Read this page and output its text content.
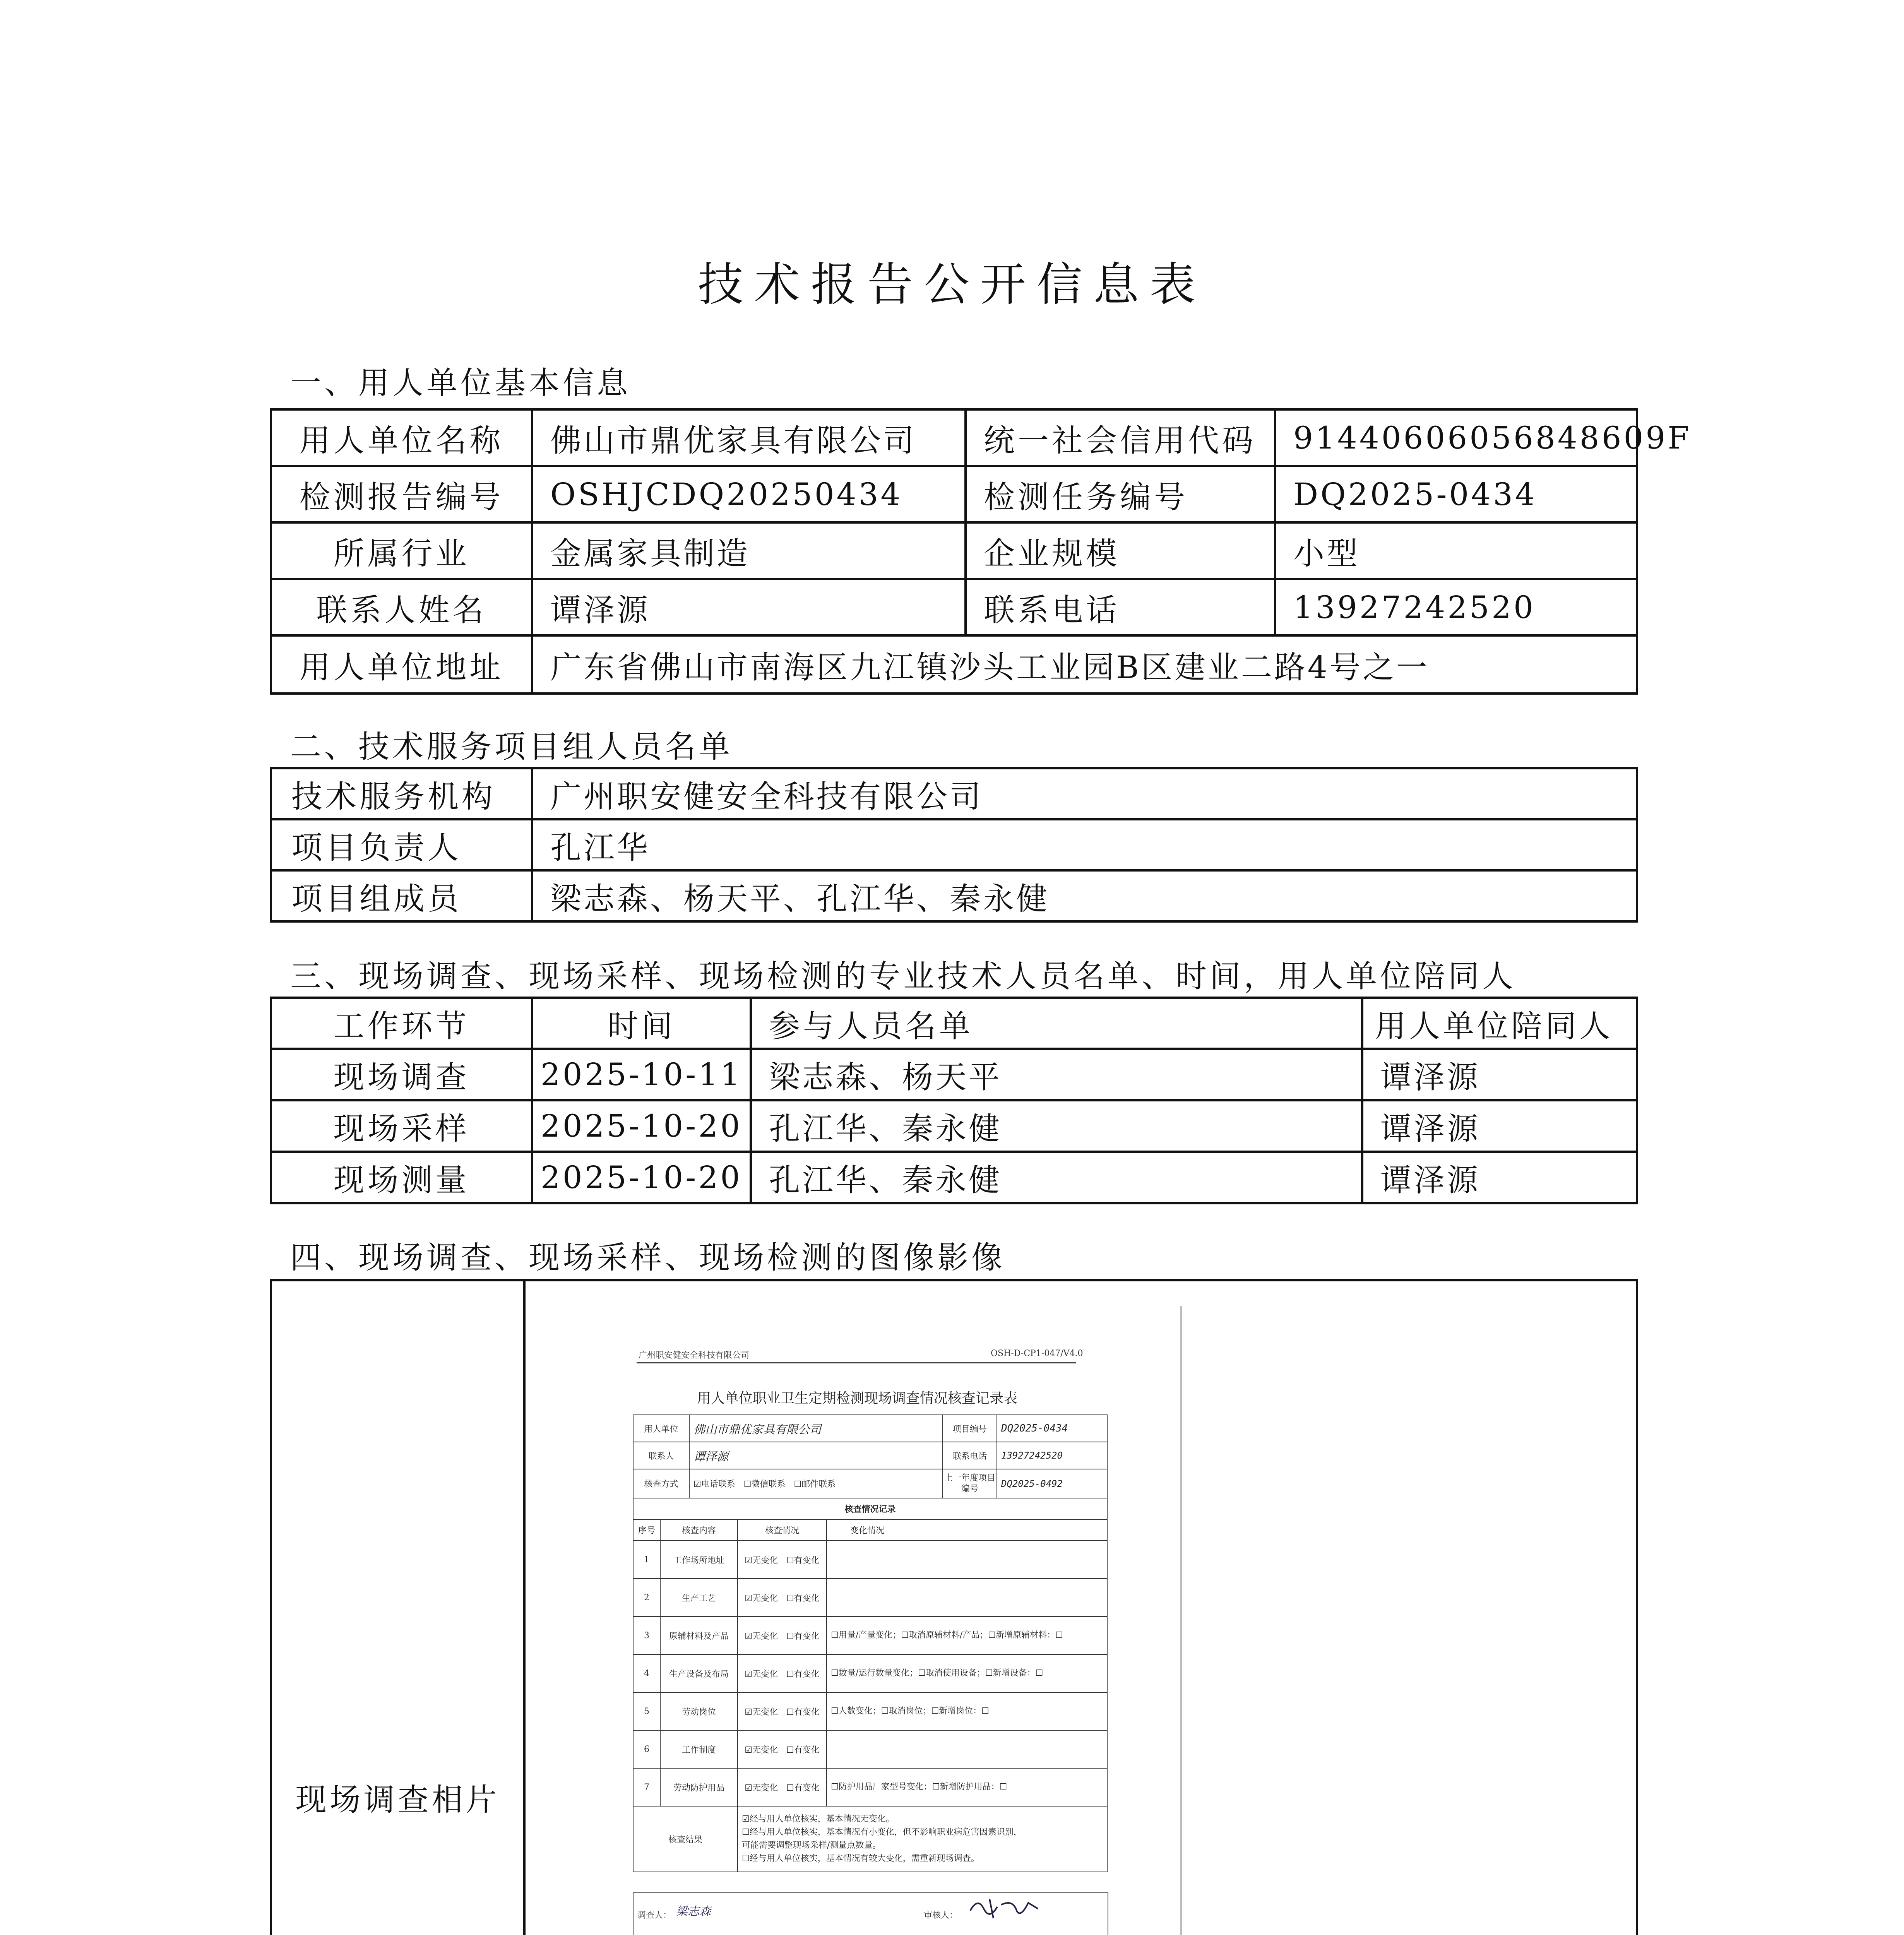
技术报告公开信息表
一、用人单位基本信息
用人单位名称	佛山市鼎优家具有限公司	统一社会信用代码	91440606056848609F
检测报告编号	OSHJCDQ20250434	检测任务编号	DQ2025-0434
所属行业	金属家具制造	企业规模	小型
联系人姓名	谭泽源	联系电话	13927242520
用人单位地址	广东省佛山市南海区九江镇沙头工业园B区建业二路4号之一		
二、技术服务项目组人员名单
技术服务机构	广州职安健安全科技有限公司
项目负责人	孔江华
项目组成员	梁志森、杨天平、孔江华、秦永健
三、现场调查、现场采样、现场检测的专业技术人员名单、时间，用人单位陪同人
工作环节	时间	参与人员名单	用人单位陪同人
现场调查	2025-10-11	梁志森、杨天平	谭泽源
现场采样	2025-10-20	孔江华、秦永健	谭泽源
现场测量	2025-10-20	孔江华、秦永健	谭泽源
四、现场调查、现场采样、现场检测的图像影像
现场调查相片	
广州职安健安全科技有限公司	OSH-D-CP1-047/V4.0
用人单位职业卫生定期检测现场调查情况核查记录表
用人单位	佛山市鼎优家具有限公司	项目编号	DQ2025-0434
联系人	谭泽源	联系电话	13927242520
核查方式	☑电话联系　☐微信联系　☐邮件联系	上一年度项目编号	DQ2025-0492
核查情况记录			
序号	核查内容	核查情况	变化情况
1	工作场所地址	☑无变化　☐有变化	
2	生产工艺	☑无变化　☐有变化	
3	原辅材料及产品	☑无变化　☐有变化	☐用量/产量变化；☐取消原辅材料/产品；☐新增原辅材料：☐
4	生产设备及布局	☑无变化　☐有变化	☐数量/运行数量变化；☐取消使用设备；☐新增设备：☐
5	劳动岗位	☑无变化　☐有变化	☐人数变化；☐取消岗位；☐新增岗位：☐
6	工作制度	☑无变化　☐有变化	
7	劳动防护用品	☑无变化　☐有变化	☐防护用品厂家型号变化；☐新增防护用品：☐
核查结果		☑经与用人单位核实，基本情况无变化。
☐经与用人单位核实，基本情况有小变化，但不影响职业病危害因素识别，
可能需要调整现场采样/测量点数量。
☐经与用人单位核实，基本情况有较大变化，需重新现场调查。	
调查人： 梁志森	审核人：
